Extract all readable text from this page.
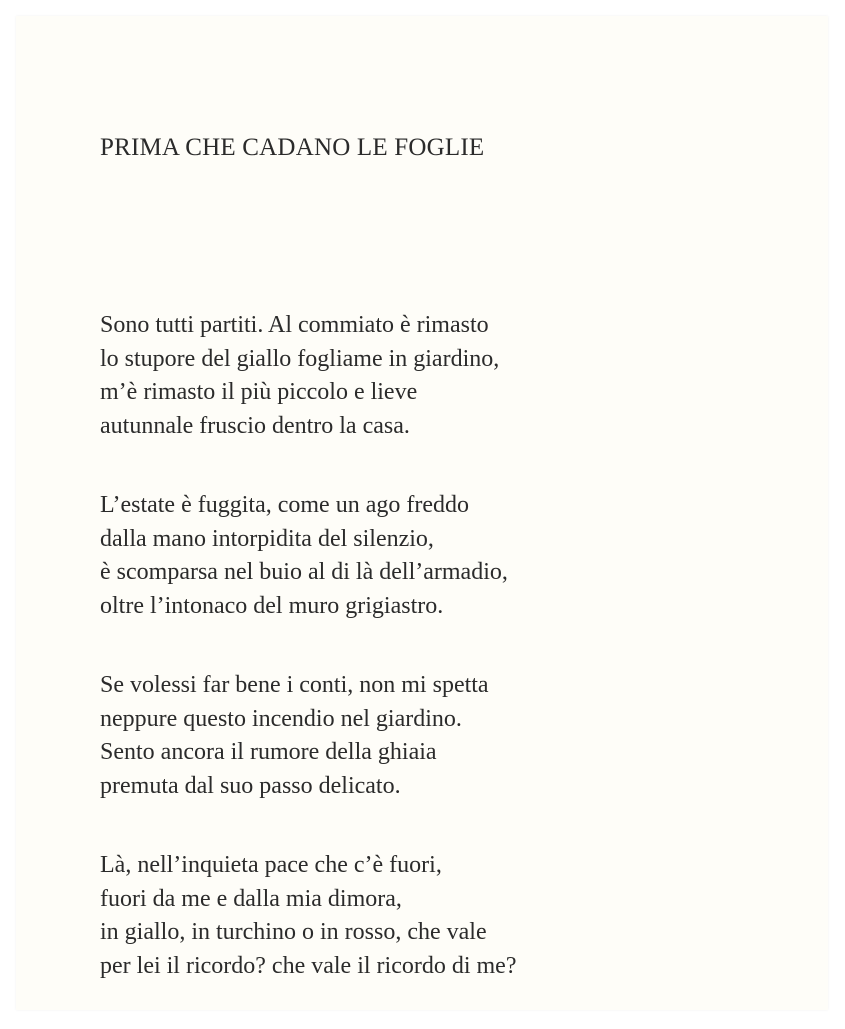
PRIMA CHE CADANO LE FOGLIE
Sono tutti partiti. Al commiato è rimasto
lo stupore del giallo fogliame in giardino,
m’è rimasto il più piccolo e lieve
autunnale fruscio dentro la casa.
L’estate è fuggita, come un ago freddo
dalla mano intorpidita del silenzio,
è scomparsa nel buio al di là dell’armadio,
oltre l’intonaco del muro grigiastro.
Se volessi far bene i conti, non mi spetta
neppure questo incendio nel giardino.
Sento ancora il rumore della ghiaia
premuta dal suo passo delicato.
Là, nell’inquieta pace che c’è fuori,
fuori da me e dalla mia dimora,
in giallo, in turchino o in rosso, che vale
per lei il ricordo? che vale il ricordo di me?
